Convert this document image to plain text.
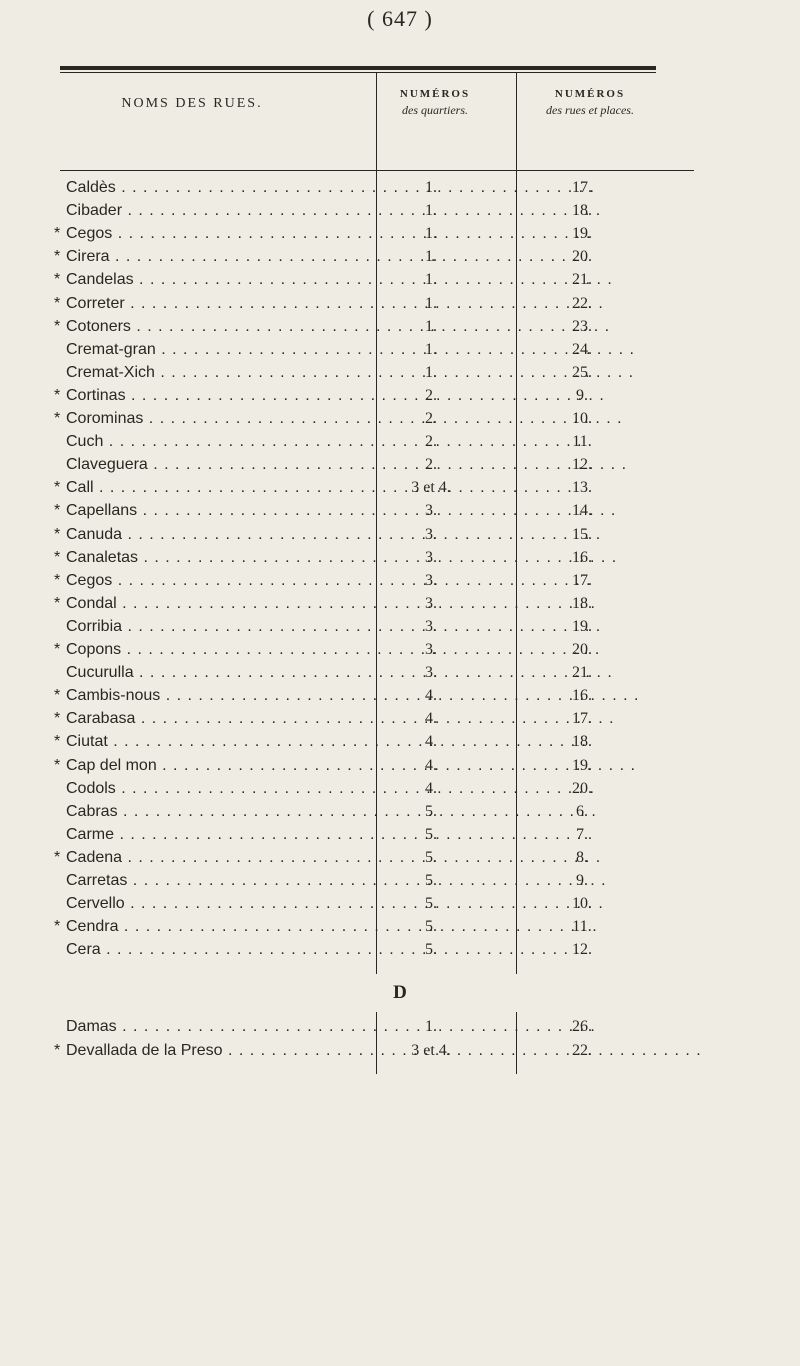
( 647 )
NOMS DES RUES.
NUMÉROS
des quartiers.
NUMÉROS
des rues et places.
Caldès . . .	1.	17.
Cibader . . .	1.	18.
* Cegos . . .	1.	19.
* Cirera . . .	1.	20.
* Candelas . . .	1.	21.
* Correter . . .	1.	22.
* Cotoners . . .	1.	23.
Cremat-gran . . .	1.	24.
Cremat-Xich . . .	1.	25.
* Cortinas . . .	2.	9.
* Corominas . . .	2.	10.
Cuch . . .	2.	11.
Claveguera . . .	2.	12.
* Call . . .	3 et 4.	13.
* Capellans . . .	3.	14.
* Canuda . . .	3.	15.
* Canaletas . . .	3.	16.
* Cegos . . .	3.	17.
* Condal . . .	3.	18.
Corribia . . .	3.	19.
* Copons . . .	3.	20.
Cucurulla . . .	3.	21.
* Cambis-nous . . .	4.	16.
* Carabasa . . .	4.	17.
* Ciutat . . .	4.	18.
* Cap del mon . . .	4.	19.
Codols . . .	4.	20.
Cabras . . .	5.	6.
Carme . . .	5.	7.
* Cadena . . .	5.	8.
Carretas . . .	5.	9.
Cervello . . .	5.	10.
* Cendra . . .	5.	11.
Cera . . .	5.	12.
D
Damas . . .	1.	26.
* Devallada de la Preso . . .	3 et 4.	22.
